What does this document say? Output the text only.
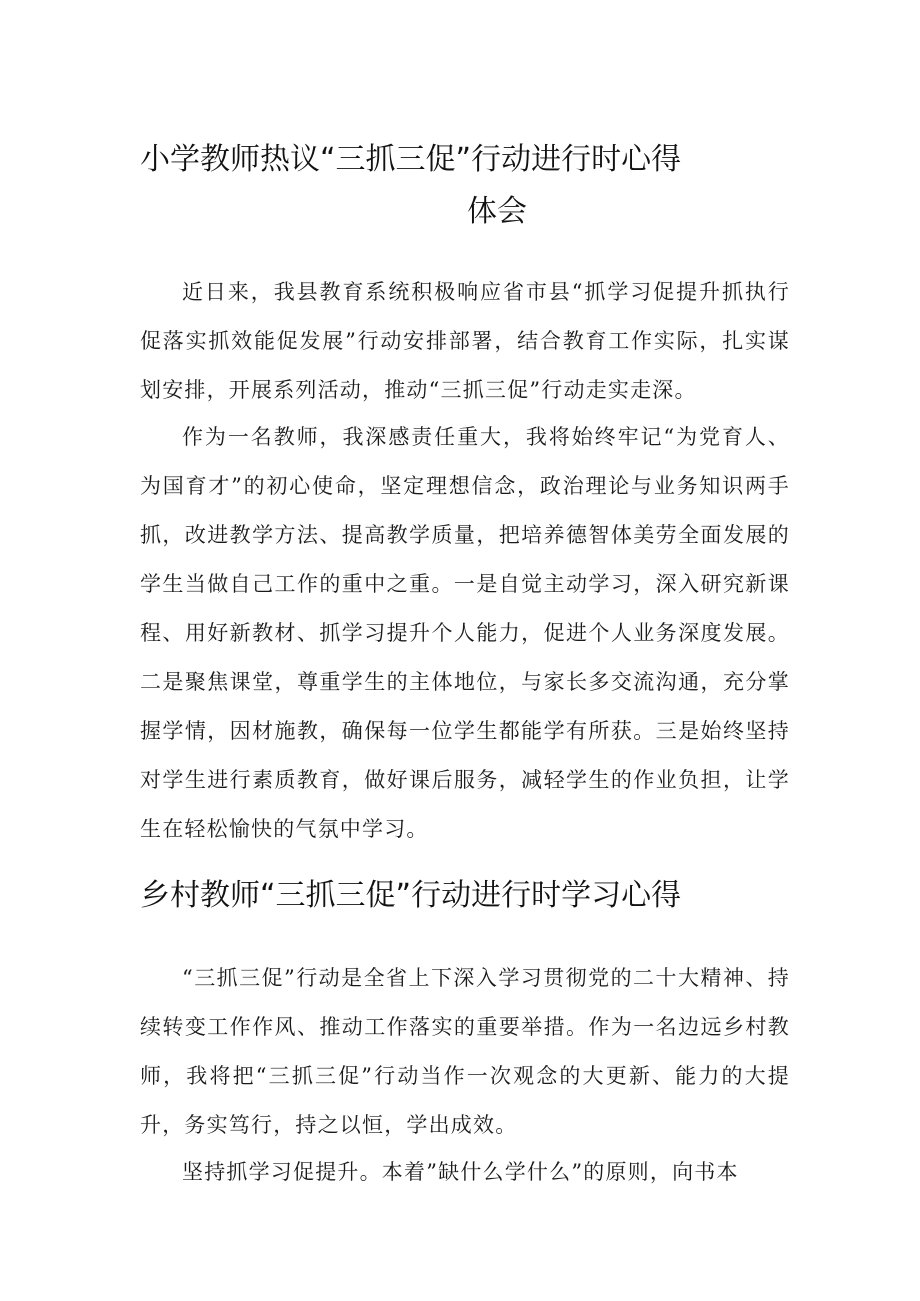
小学教师热议“三抓三促”行动进行时心得
体会
近日来，我县教育系统积极响应省市县“抓学习促提升抓执行促落实抓效能促发展”行动安排部署，结合教育工作实际，扎实谋划安排，开展系列活动，推动“三抓三促”行动走实走深。
作为一名教师，我深感责任重大，我将始终牢记“为党育人、为国育才”的初心使命，坚定理想信念，政治理论与业务知识两手抓，改进教学方法、提高教学质量，把培养德智体美劳全面发展的学生当做自己工作的重中之重。一是自觉主动学习，深入研究新课程、用好新教材、抓学习提升个人能力，促进个人业务深度发展。二是聚焦课堂，尊重学生的主体地位，与家长多交流沟通，充分掌握学情，因材施教，确保每一位学生都能学有所获。三是始终坚持对学生进行素质教育，做好课后服务，减轻学生的作业负担，让学生在轻松愉快的气氛中学习。
乡村教师“三抓三促”行动进行时学习心得
“三抓三促”行动是全省上下深入学习贯彻党的二十大精神、持续转变工作作风、推动工作落实的重要举措。作为一名边远乡村教师，我将把“三抓三促”行动当作一次观念的大更新、能力的大提升，务实笃行，持之以恒，学出成效。
坚持抓学习促提升。本着”缺什么学什么”的原则，向书本
